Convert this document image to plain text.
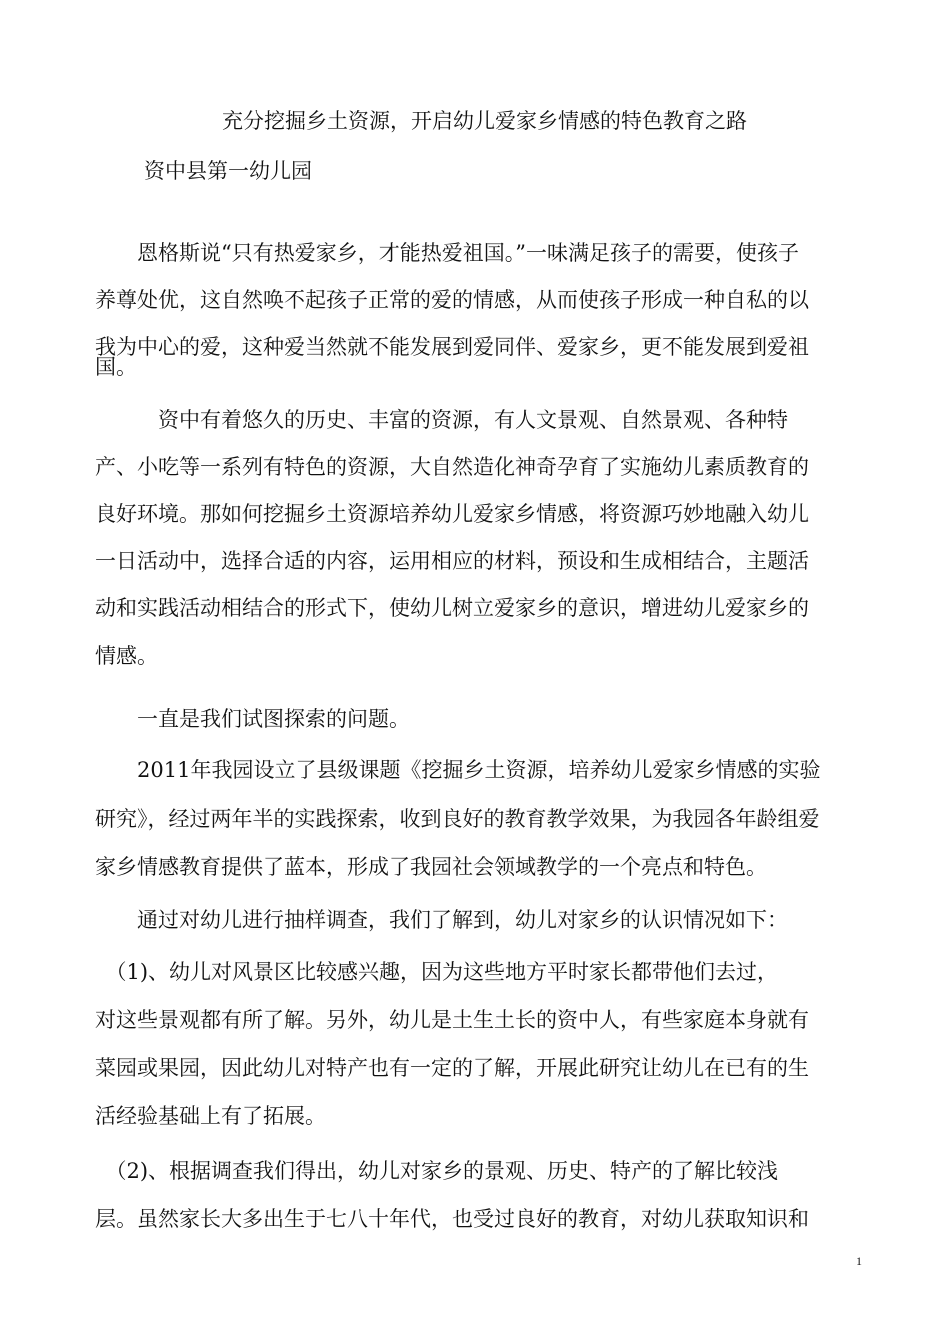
充分挖掘乡土资源，开启幼儿爱家乡情感的特色教育之路
资中县第一幼儿园
　　恩格斯说“只有热爱家乡，才能热爱祖国。”一味满足孩子的需要，使孩子
养尊处优，这自然唤不起孩子正常的爱的情感，从而使孩子形成一种自私的以
我为中心的爱，这种爱当然就不能发展到爱同伴、爱家乡，更不能发展到爱祖
国。
　　　资中有着悠久的历史、丰富的资源，有人文景观、自然景观、各种特
产、小吃等一系列有特色的资源，大自然造化神奇孕育了实施幼儿素质教育的
良好环境。那如何挖掘乡土资源培养幼儿爱家乡情感，将资源巧妙地融入幼儿
一日活动中，选择合适的内容，运用相应的材料，预设和生成相结合，主题活
动和实践活动相结合的形式下，使幼儿树立爱家乡的意识，增进幼儿爱家乡的
情感。
　　一直是我们试图探索的问题。
　　2011年我园设立了县级课题《挖掘乡土资源，培养幼儿爱家乡情感的实验
研究》，经过两年半的实践探索，收到良好的教育教学效果，为我园各年龄组爱
家乡情感教育提供了蓝本，形成了我园社会领域教学的一个亮点和特色。
　　通过对幼儿进行抽样调查，我们了解到，幼儿对家乡的认识情况如下：
　（1)、幼儿对风景区比较感兴趣，因为这些地方平时家长都带他们去过，
对这些景观都有所了解。另外，幼儿是土生土长的资中人，有些家庭本身就有
菜园或果园，因此幼儿对特产也有一定的了解，开展此研究让幼儿在已有的生
活经验基础上有了拓展。
　（2)、根据调查我们得出，幼儿对家乡的景观、历史、特产的了解比较浅
层。虽然家长大多出生于七八十年代，也受过良好的教育，对幼儿获取知识和
1
